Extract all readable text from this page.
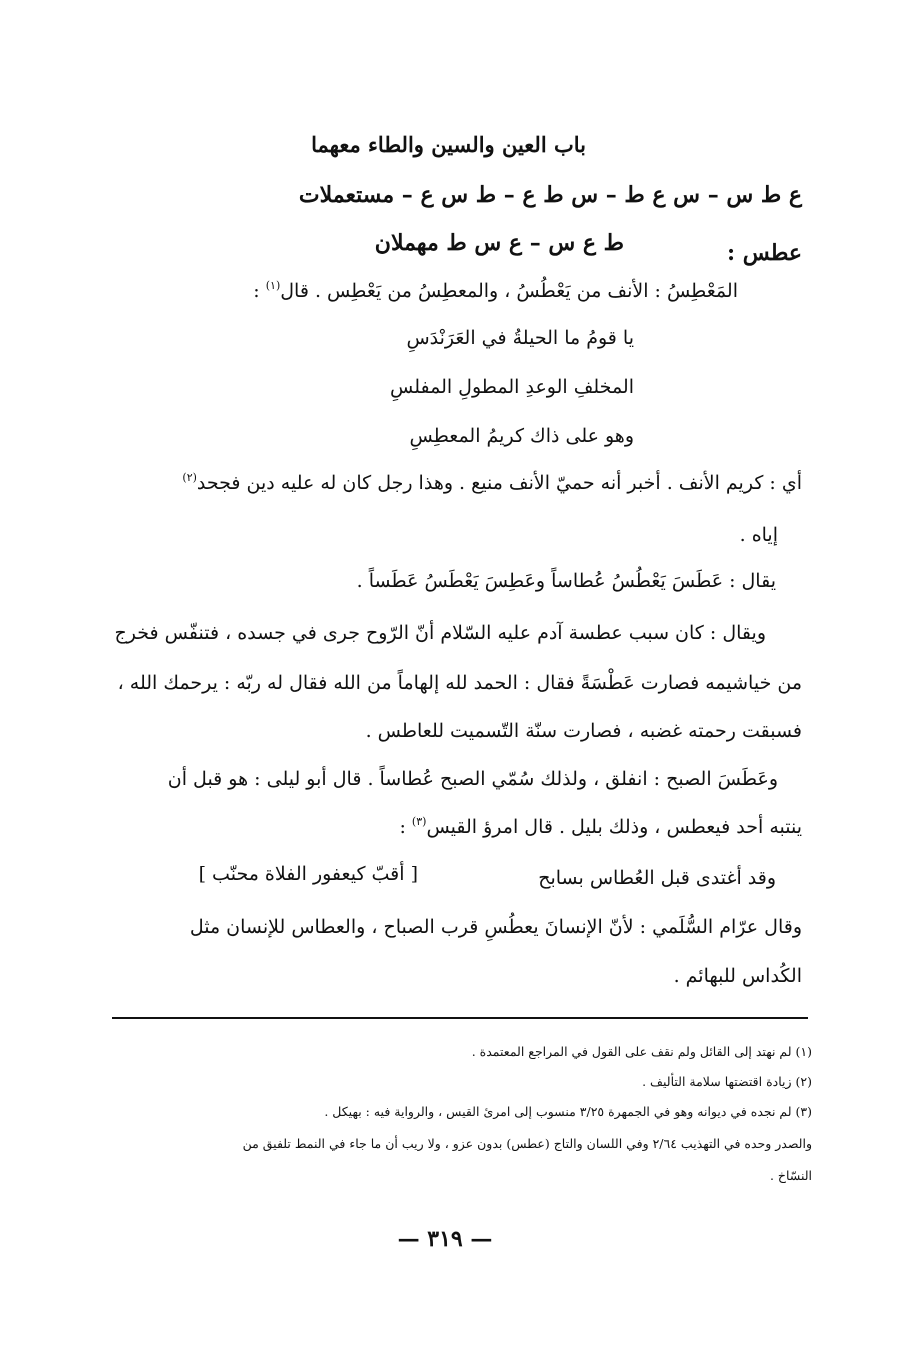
باب العين والسين والطاء معهما
ع ط س – س ع ط – س ط ع – ط س ع – مستعملات
عطس :
ط ع س – ع س ط مهملان
المَعْطِسُ : الأنف من يَعْطُسُ ، والمعطِسُ من يَعْطِس . قال$^{(١)}$ :
يا قومُ ما الحيلةُ في العَرَنْدَسِ
المخلفِ الوعدِ المطولِ المفلسِ
وهو على ذاك كريمُ المعطِسِ
أي : كريم الأنف . أخبر أنه حميّ الأنف منيع . وهذا رجل كان له عليه دين فجحد$^{(٢)}$
إياه .
يقال : عَطَسَ يَعْطُسُ عُطاساً وعَطِسَ يَعْطَسُ عَطَساً .
ويقال : كان سبب عطسة آدم عليه السّلام أنّ الرّوح جرى في جسده ، فتنفّس فخرج
من خياشيمه فصارت عَطْسَةً فقال : الحمد لله إلهاماً من الله فقال له ربّه : يرحمك الله ،
فسبقت رحمته غضبه ، فصارت سنّة التّسميت للعاطس .
وعَطَسَ الصبح : انفلق ، ولذلك سُمّي الصبح عُطاساً . قال أبو ليلى : هو قبل أن
ينتبه أحد فيعطس ، وذلك بليل . قال امرؤ القيس$^{(٣)}$ :
وقد أغتدى قبل العُطاس بسابح
[ أقبّ كيعفور الفلاة محنّب ]
وقال عرّام السُّلَمي : لأنّ الإنسانَ يعطُسِ قرب الصباح ، والعطاس للإنسان مثل
الكُداس للبهائم .
(١) لم نهتد إلى القائل ولم نقف على القول في المراجع المعتمدة .
(٢) زيادة اقتضتها سلامة التأليف .
(٣) لم نجده في ديوانه وهو في الجمهرة ٣/٢٥ منسوب إلى امرئ القيس ، والرواية فيه : بهيكل .
والصدر وحده في التهذيب ٢/٦٤ وفي اللسان والتاج (عطس) بدون عزو ، ولا ريب أن ما جاء في النمط تلفيق من
النسّاخ .
— ٣١٩ —
